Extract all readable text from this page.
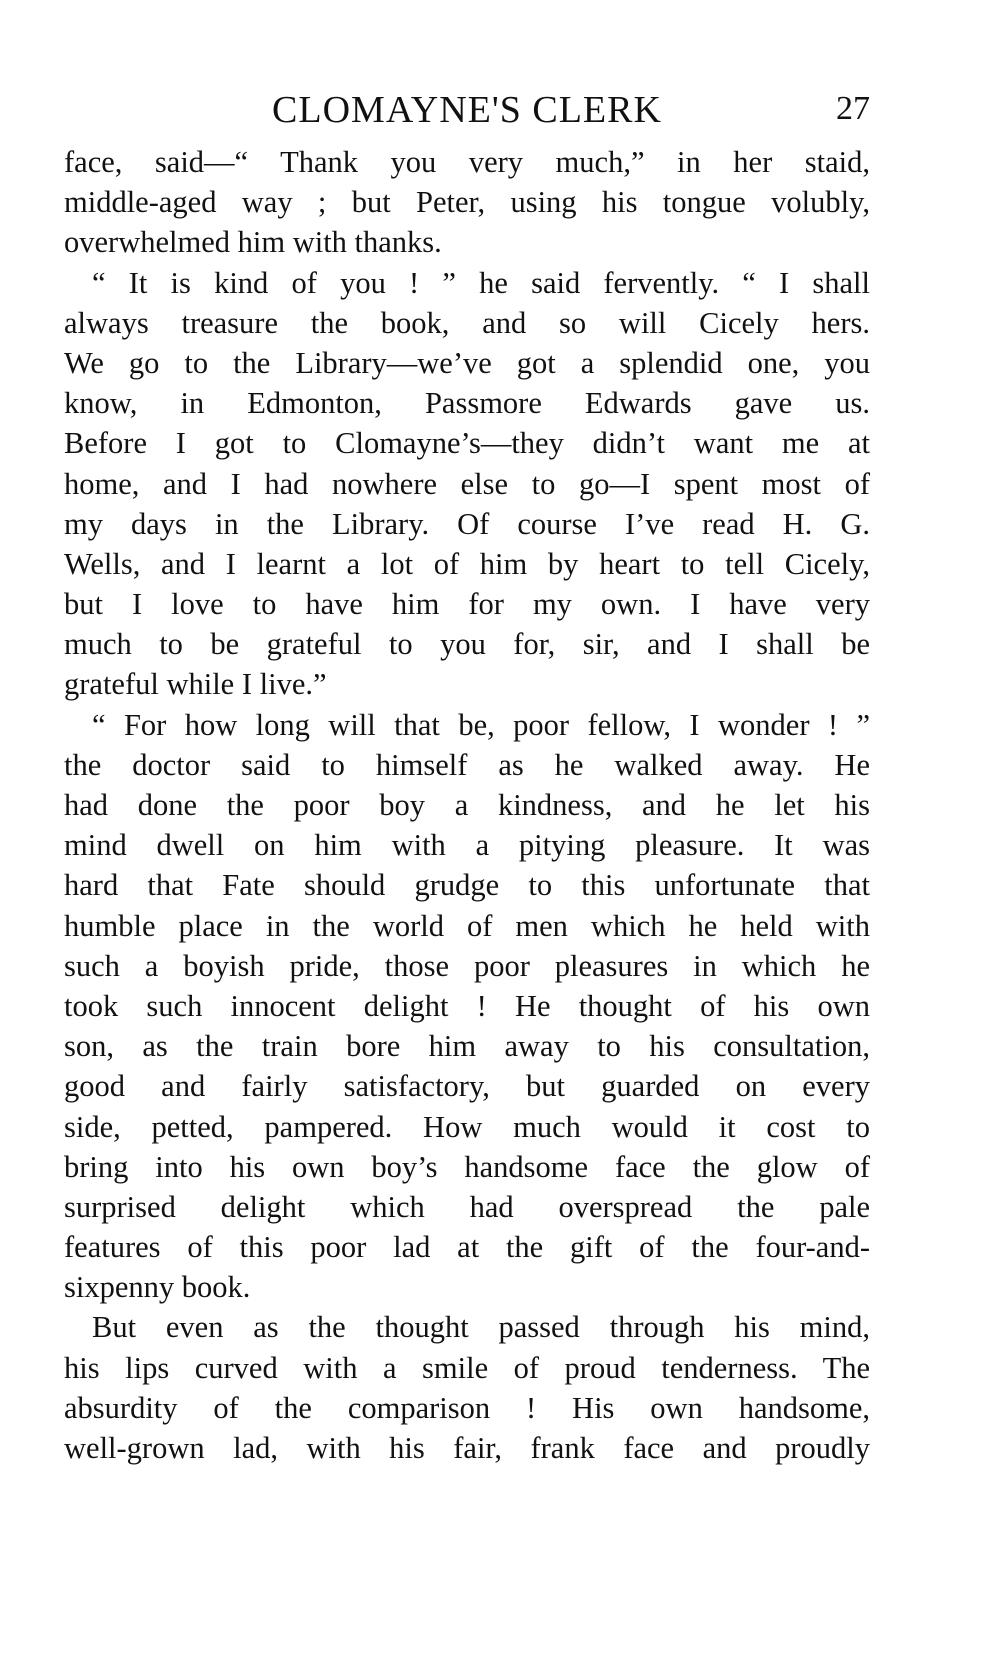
CLOMAYNE'S CLERK	27
face, said—“ Thank you very much,” in her staid,
middle-aged way ; but Peter, using his tongue volubly,
overwhelmed him with thanks.
“ It is kind of you ! ” he said fervently. “ I shall
always treasure the book, and so will Cicely hers.
We go to the Library—we’ve got a splendid one, you
know, in Edmonton, Passmore Edwards gave us.
Before I got to Clomayne’s—they didn’t want me at
home, and I had nowhere else to go—I spent most of
my days in the Library. Of course I’ve read H. G.
Wells, and I learnt a lot of him by heart to tell Cicely,
but I love to have him for my own. I have very
much to be grateful to you for, sir, and I shall be
grateful while I live.”
“ For how long will that be, poor fellow, I wonder ! ”
the doctor said to himself as he walked away. He
had done the poor boy a kindness, and he let his
mind dwell on him with a pitying pleasure. It was
hard that Fate should grudge to this unfortunate that
humble place in the world of men which he held with
such a boyish pride, those poor pleasures in which he
took such innocent delight ! He thought of his own
son, as the train bore him away to his consultation,
good and fairly satisfactory, but guarded on every
side, petted, pampered. How much would it cost to
bring into his own boy’s handsome face the glow of
surprised delight which had overspread the pale
features of this poor lad at the gift of the four-and-
sixpenny book.
But even as the thought passed through his mind,
his lips curved with a smile of proud tenderness. The
absurdity of the comparison ! His own handsome,
well-grown lad, with his fair, frank face and proudly
